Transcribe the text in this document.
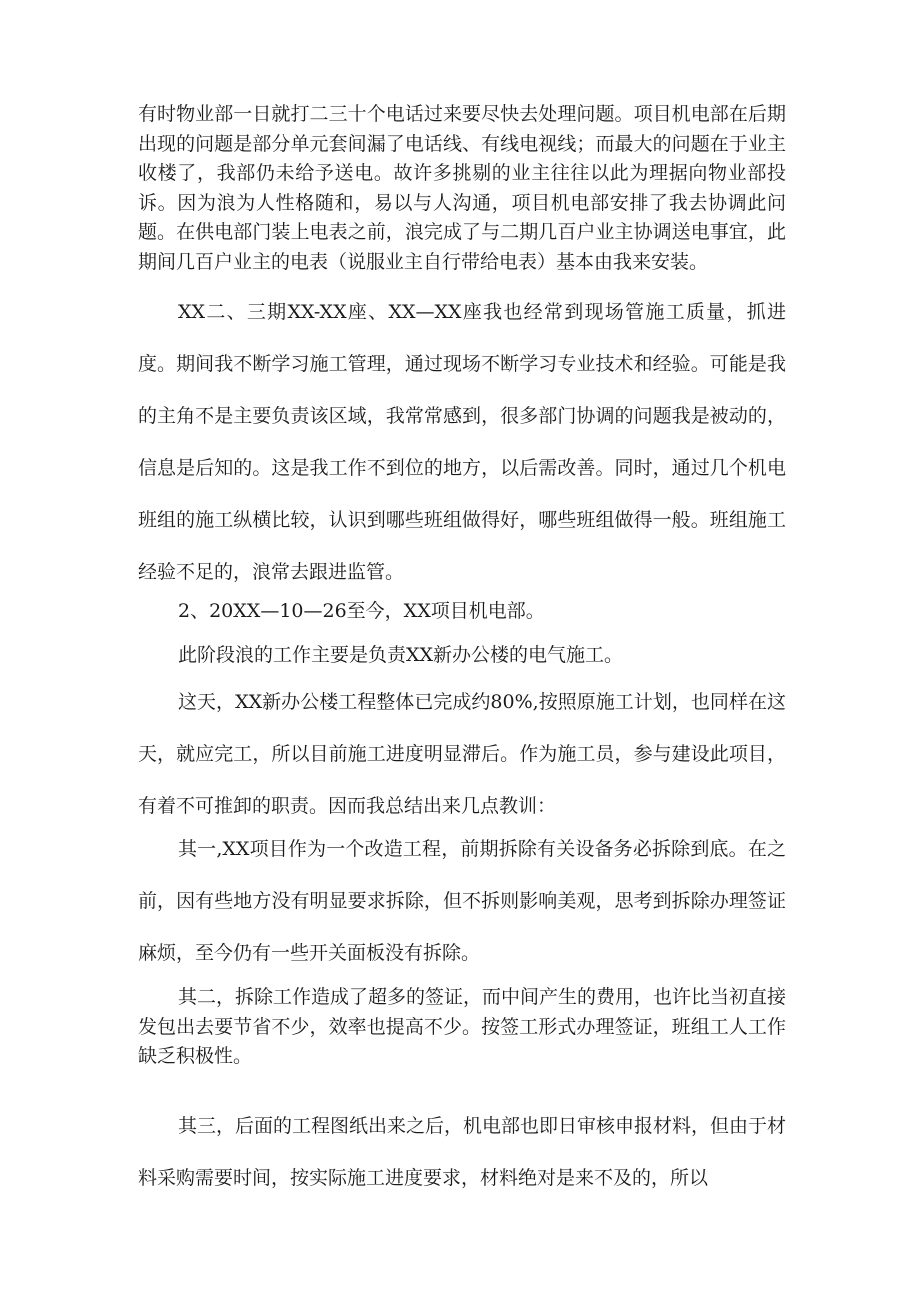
有时物业部一日就打二三十个电话过来要尽快去处理问题。项目机电部在后期出现的问题是部分单元套间漏了电话线、有线电视线；而最大的问题在于业主收楼了，我部仍未给予送电。故许多挑剔的业主往往以此为理据向物业部投诉。因为浪为人性格随和，易以与人沟通，项目机电部安排了我去协调此问题。在供电部门装上电表之前，浪完成了与二期几百户业主协调送电事宜，此期间几百户业主的电表（说服业主自行带给电表）基本由我来安装。

XX二、三期XX-XX座、XX—XX座我也经常到现场管施工质量，抓进度。期间我不断学习施工管理，通过现场不断学习专业技术和经验。可能是我的主角不是主要负责该区域，我常常感到，很多部门协调的问题我是被动的，信息是后知的。这是我工作不到位的地方，以后需改善。同时，通过几个机电班组的施工纵横比较，认识到哪些班组做得好，哪些班组做得一般。班组施工经验不足的，浪常去跟进监管。

2、20XX—10—26至今，XX项目机电部。

此阶段浪的工作主要是负责XX新办公楼的电气施工。

这天，XX新办公楼工程整体已完成约80%,按照原施工计划，也同样在这天，就应完工，所以目前施工进度明显滞后。作为施工员，参与建设此项目，有着不可推卸的职责。因而我总结出来几点教训：

其一,XX项目作为一个改造工程，前期拆除有关设备务必拆除到底。在之前，因有些地方没有明显要求拆除，但不拆则影响美观，思考到拆除办理签证麻烦，至今仍有一些开关面板没有拆除。

其二，拆除工作造成了超多的签证，而中间产生的费用，也许比当初直接发包出去要节省不少，效率也提高不少。按签工形式办理签证，班组工人工作缺乏积极性。

其三，后面的工程图纸出来之后，机电部也即日审核申报材料，但由于材料采购需要时间，按实际施工进度要求，材料绝对是来不及的，所以
